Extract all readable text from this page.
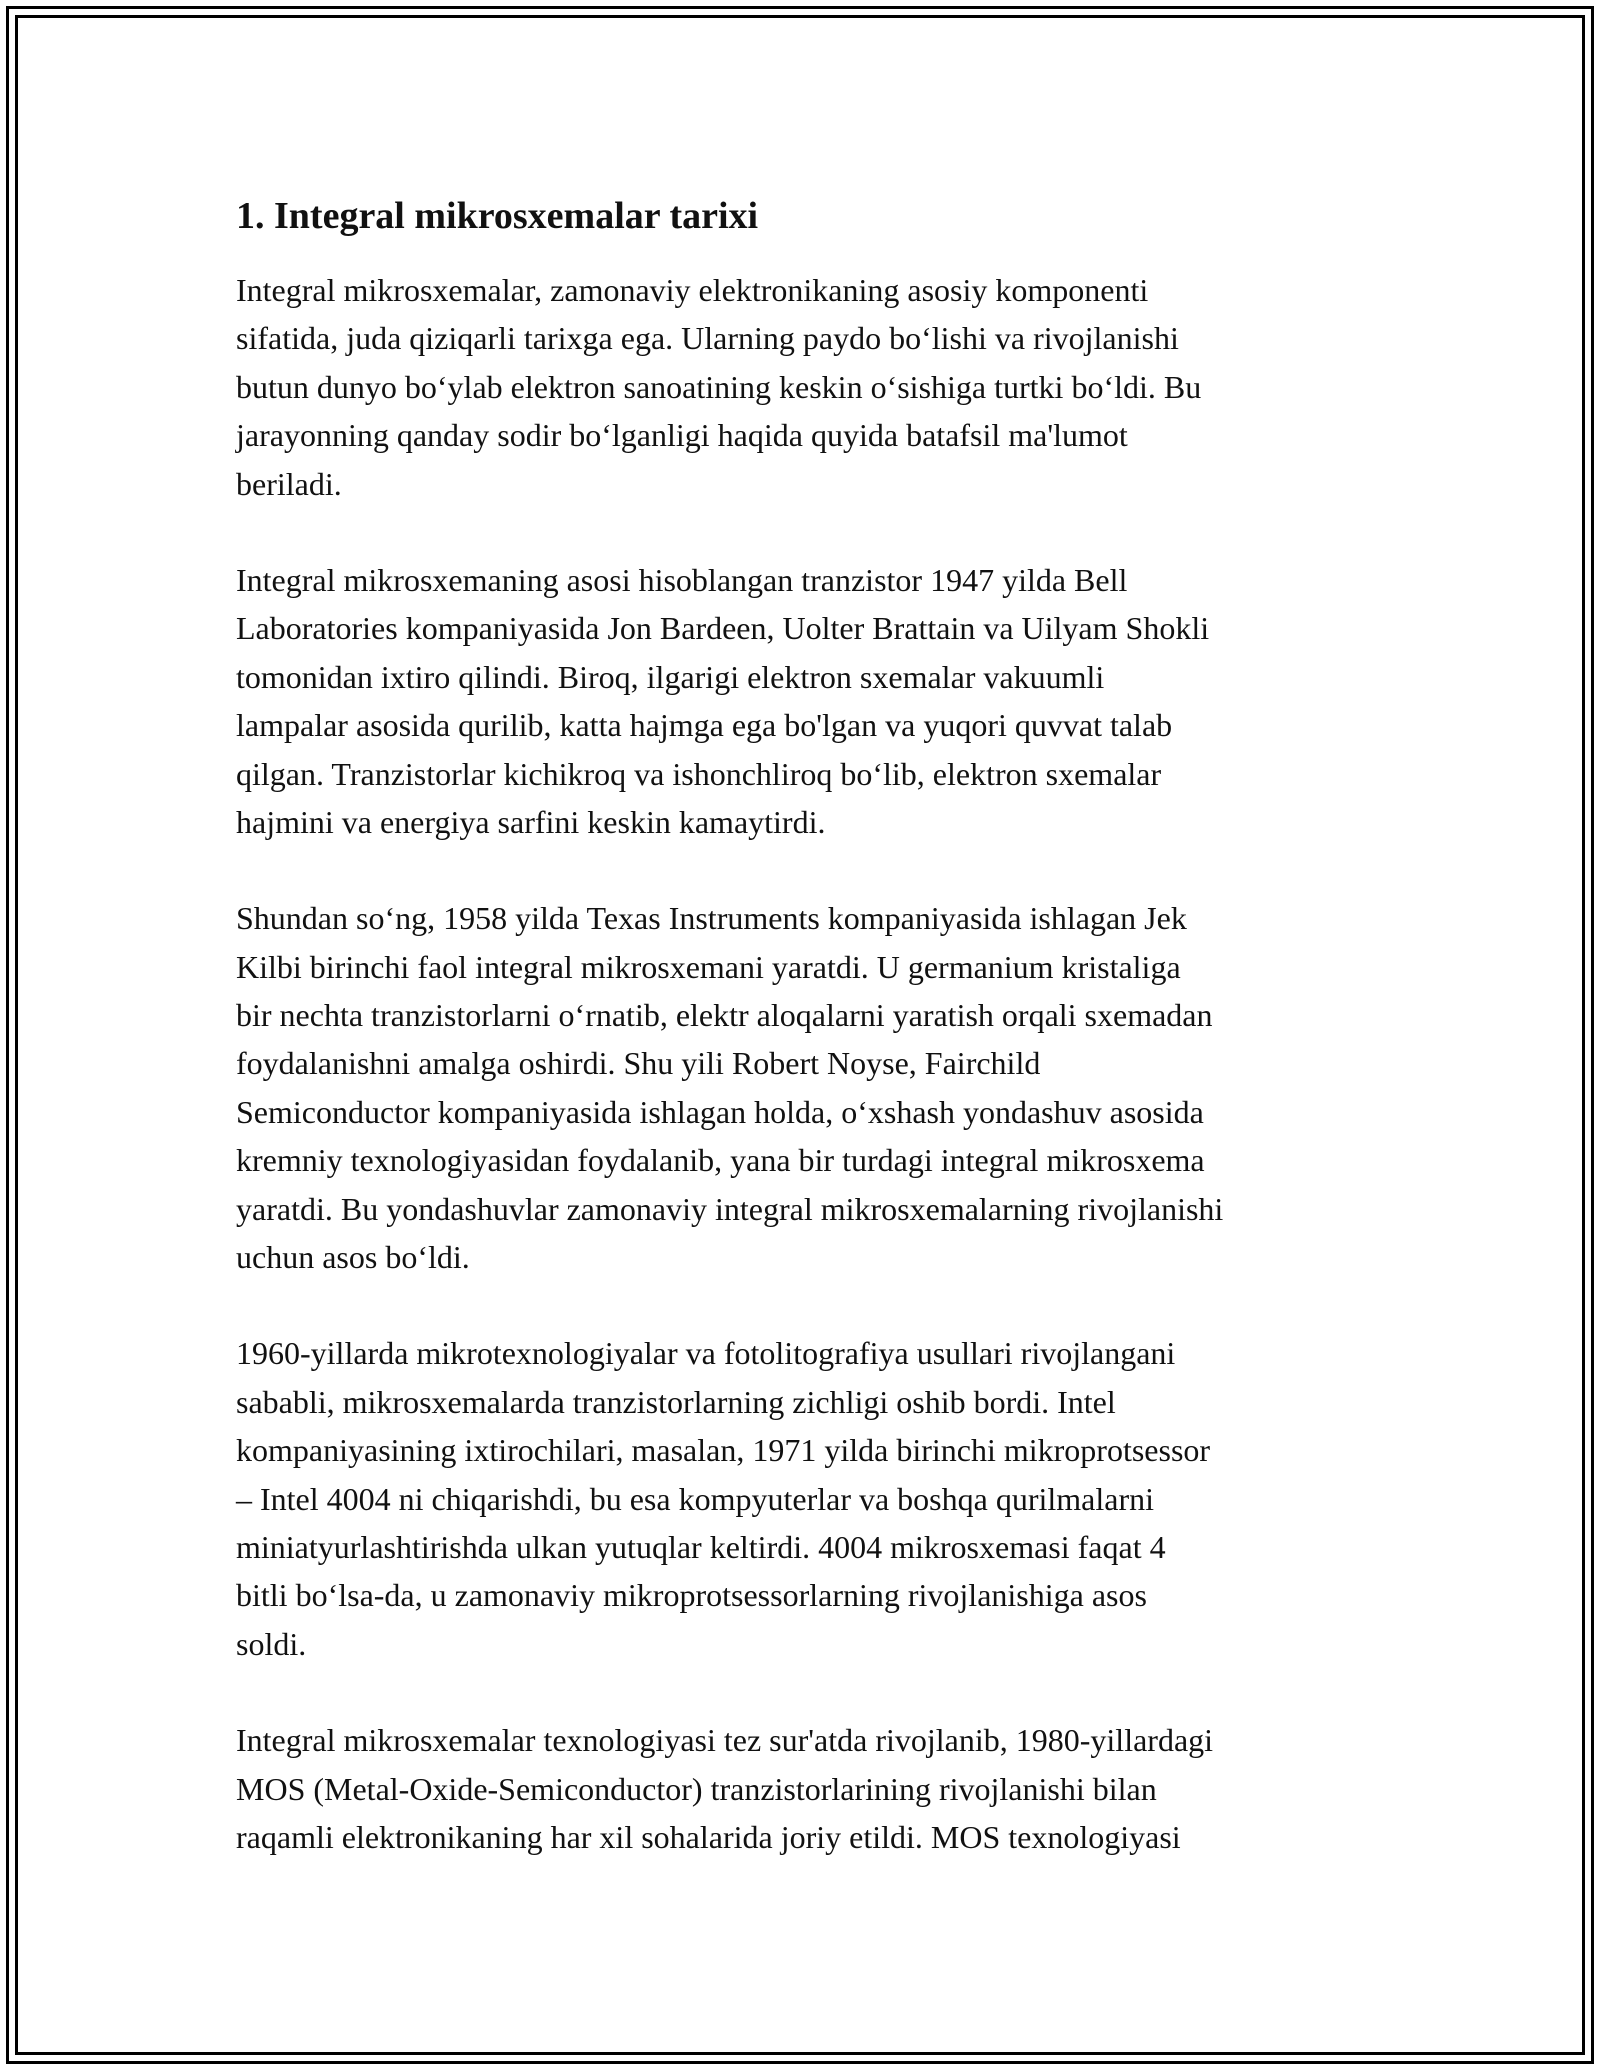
1. Integral mikrosxemalar tarixi

Integral mikrosxemalar, zamonaviy elektronikaning asosiy komponenti
sifatida, juda qiziqarli tarixga ega. Ularning paydo boʻlishi va rivojlanishi
butun dunyo boʻylab elektron sanoatining keskin oʻsishiga turtki boʻldi. Bu
jarayonning qanday sodir boʻlganligi haqida quyida batafsil ma'lumot
beriladi.

Integral mikrosxemaning asosi hisoblangan tranzistor 1947 yilda Bell
Laboratories kompaniyasida Jon Bardeen, Uolter Brattain va Uilyam Shokli
tomonidan ixtiro qilindi. Biroq, ilgarigi elektron sxemalar vakuumli
lampalar asosida qurilib, katta hajmga ega bo'lgan va yuqori quvvat talab
qilgan. Tranzistorlar kichikroq va ishonchliroq boʻlib, elektron sxemalar
hajmini va energiya sarfini keskin kamaytirdi.

Shundan soʻng, 1958 yilda Texas Instruments kompaniyasida ishlagan Jek
Kilbi birinchi faol integral mikrosxemani yaratdi. U germanium kristaliga
bir nechta tranzistorlarni oʻrnatib, elektr aloqalarni yaratish orqali sxemadan
foydalanishni amalga oshirdi. Shu yili Robert Noyse, Fairchild
Semiconductor kompaniyasida ishlagan holda, oʻxshash yondashuv asosida
kremniy texnologiyasidan foydalanib, yana bir turdagi integral mikrosxema
yaratdi. Bu yondashuvlar zamonaviy integral mikrosxemalarning rivojlanishi
uchun asos boʻldi.

1960-yillarda mikrotexnologiyalar va fotolitografiya usullari rivojlangani
sababli, mikrosxemalarda tranzistorlarning zichligi oshib bordi. Intel
kompaniyasining ixtirochilari, masalan, 1971 yilda birinchi mikroprotsessor
– Intel 4004 ni chiqarishdi, bu esa kompyuterlar va boshqa qurilmalarni
miniatyurlashtirishda ulkan yutuqlar keltirdi. 4004 mikrosxemasi faqat 4
bitli boʻlsa-da, u zamonaviy mikroprotsessorlarning rivojlanishiga asos
soldi.

Integral mikrosxemalar texnologiyasi tez sur'atda rivojlanib, 1980-yillardagi
MOS (Metal-Oxide-Semiconductor) tranzistorlarining rivojlanishi bilan
raqamli elektronikaning har xil sohalarida joriy etildi. MOS texnologiyasi
